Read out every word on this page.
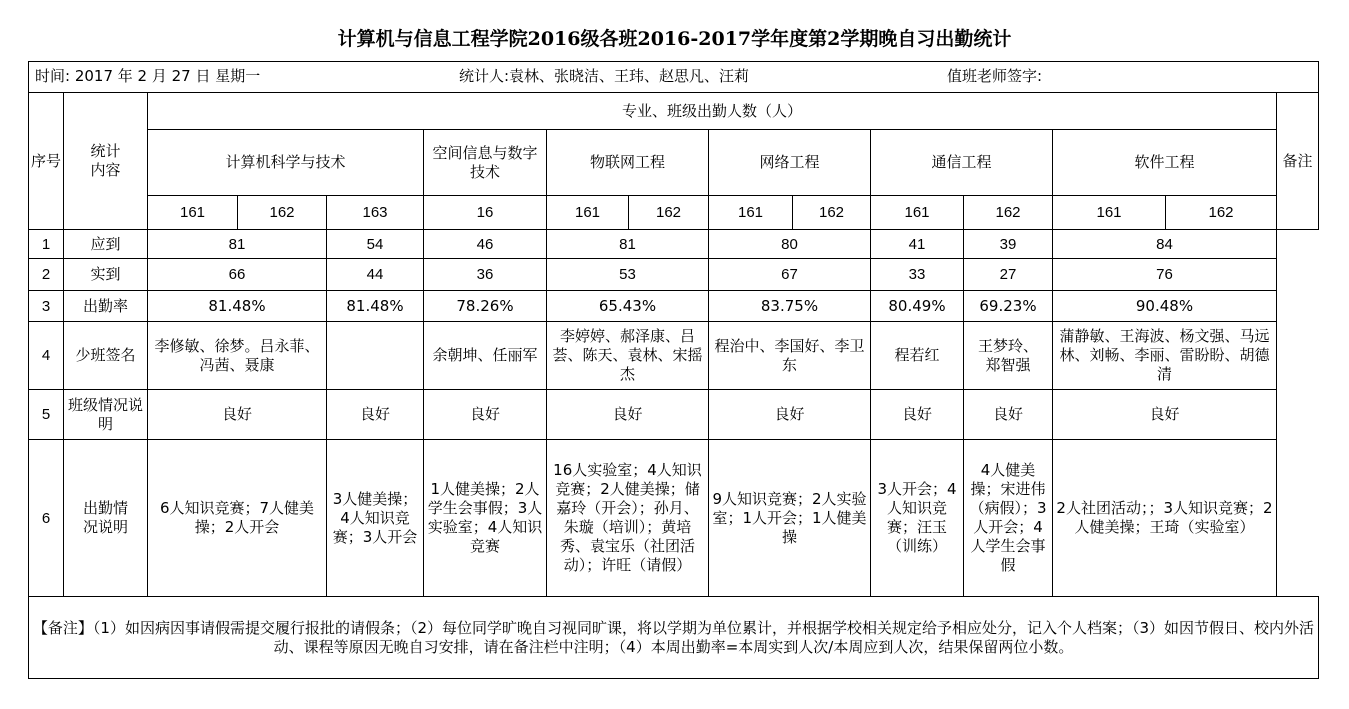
计算机与信息工程学院2016级各班2016-2017学年度第2学期晚自习出勤统计
时间: 2017 年 2 月 27 日 星期一 统计人:袁林、张晓洁、王玮、赵思凡、汪莉 值班老师签字:														

序号	统计内容	专业、班级出勤人数（人）												备注
		计算机科学与技术			空间信息与数字技术	物联网工程		网络工程		通信工程		软件工程		
		161	162	163	16	161	162	161	162	161	162	161	162	
1	应到	81		54	46	81		80		41	39	84		
2	实到	66		44	36	53		67		33	27	76		
3	出勤率	81.48%		81.48%	78.26%	65.43%		83.75%		80.49%	69.23%	90.48%		
4	少班签名	李修敏、徐梦。吕永菲、冯茜、聂康			余朝坤、任丽军	李婷婷、郝泽康、吕荟、陈天、袁林、宋摇杰		程治中、李国好、李卫东		程若红	王梦玲、郑智强	蒲静敏、王海波、杨文强、马远林、刘畅、李丽、雷盼盼、胡德清		
5	班级情况说明	良好		良好	良好	良好		良好		良好	良好	良好		
6	出勤情况说明	6人知识竞赛；7人健美操；2人开会		3人健美操；4人知识竞赛；3人开会	1人健美操；2人学生会事假；3人实验室；4人知识竞赛	16人实验室；4人知识竞赛；2人健美操；储嘉玲（开会）；孙月、朱璇（培训）；黄培秀、袁宝乐（社团活动）；许旺（请假）		9人知识竞赛；2人实验室；1人开会；1人健美操		3人开会；4人知识竞赛；汪玉（训练）	4人健美操；宋进伟（病假）；3人开会；4人学生会事假	2人社团活动；；3人知识竞赛；2人健美操；王琦（实验室）		
【备注】（1）如因病因事请假需提交履行报批的请假条；（2）每位同学旷晚自习视同旷课，将以学期为单位累计，并根据学校相关规定给予相应处分，记入个人档案；（3）如因节假日、校内外活动、课程等原因无晚自习安排，请在备注栏中注明；（4）本周出勤率=本周实到人次/本周应到人次，结果保留两位小数。														
